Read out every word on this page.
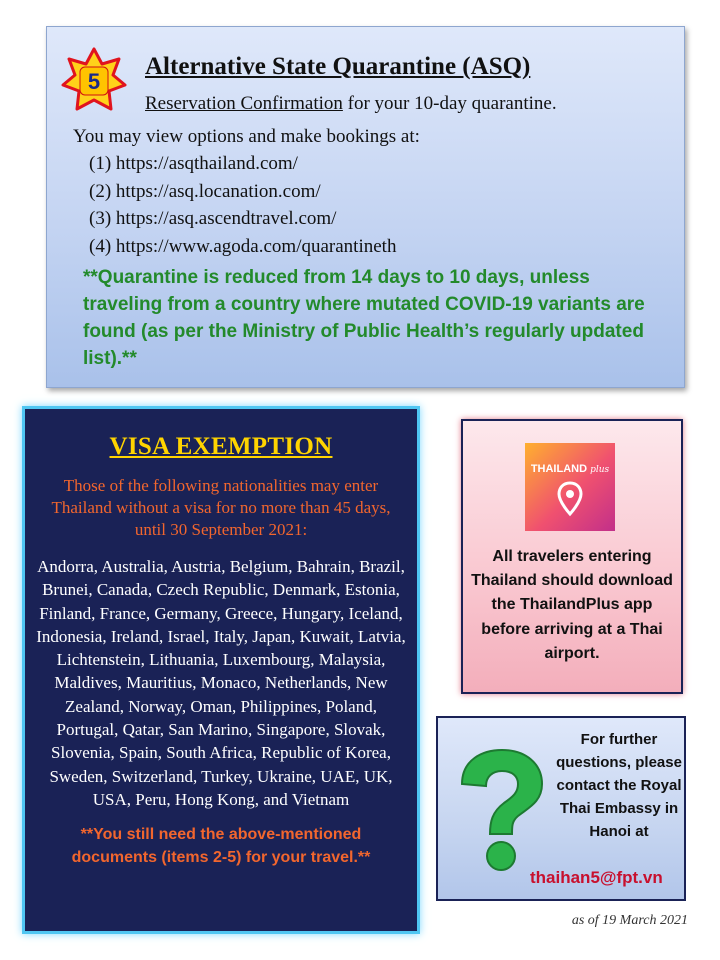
5
Alternative State Quarantine (ASQ)
Reservation Confirmation for your 10-day quarantine.
You may view options and make bookings at:
(1) https://asqthailand.com/
(2) https://asq.locanation.com/
(3) https://asq.ascendtravel.com/
(4) https://www.agoda.com/quarantineth
**Quarantine is reduced from 14 days to 10 days, unless traveling from a country where mutated COVID-19 variants are found (as per the Ministry of Public Health’s regularly updated list).**
VISA EXEMPTION
Those of the following nationalities may enter Thailand without a visa for no more than 45 days, until 30 September 2021:
Andorra, Australia, Austria, Belgium, Bahrain, Brazil, Brunei, Canada, Czech Republic, Denmark, Estonia, Finland, France, Germany, Greece, Hungary, Iceland, Indonesia, Ireland, Israel, Italy, Japan, Kuwait, Latvia, Lichtenstein, Lithuania, Luxembourg, Malaysia, Maldives, Mauritius, Monaco, Netherlands, New Zealand, Norway, Oman, Philippines, Poland, Portugal, Qatar, San Marino, Singapore, Slovak, Slovenia, Spain, South Africa, Republic of Korea, Sweden, Switzerland, Turkey, Ukraine, UAE, UK, USA, Peru, Hong Kong, and Vietnam
**You still need the above-mentioned documents (items 2-5) for your travel.**
THAILAND plus
All travelers entering Thailand should download the ThailandPlus app before arriving at a Thai airport.
For further questions, please contact the Royal Thai Embassy in Hanoi at
thaihan5@fpt.vn
as of 19 March 2021
